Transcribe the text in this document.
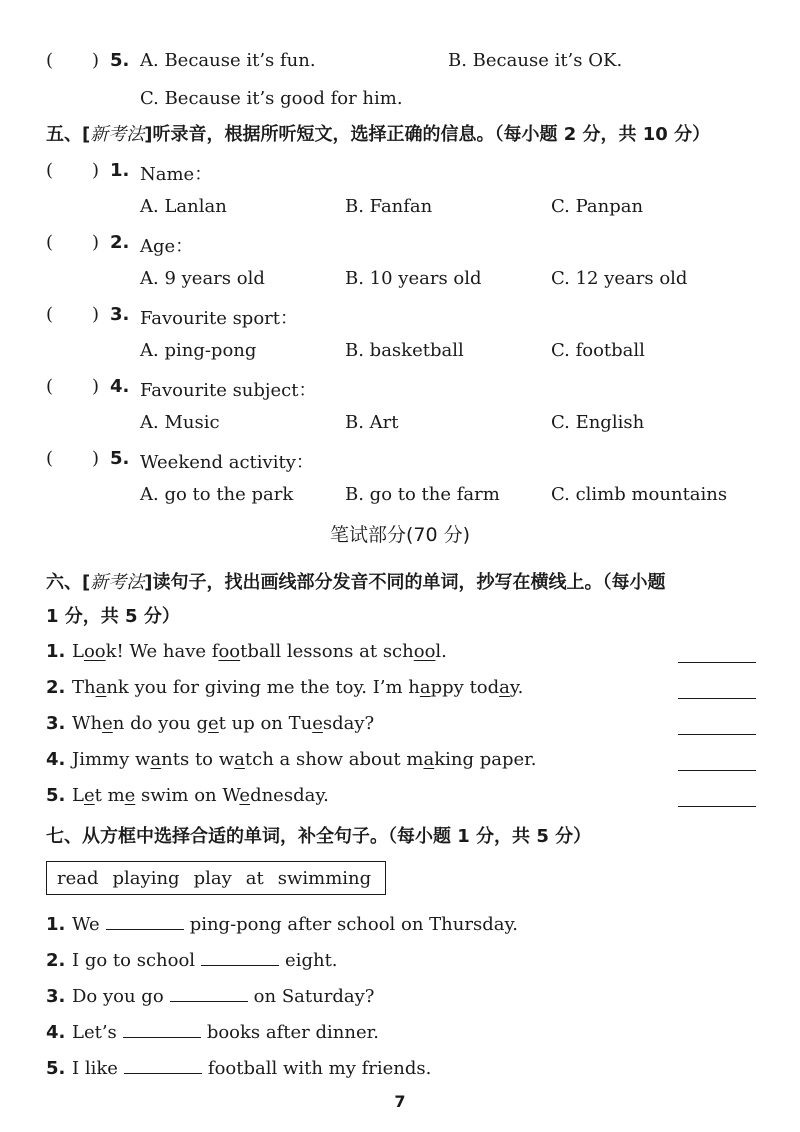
( ) 5. A. Because it’s fun.	B. Because it’s OK.
C. Because it’s good for him.
五、[新考法]听录音，根据所听短文，选择正确的信息。（每小题 2 分，共 10 分）
( ) 1. Name：
A. Lanlan	B. Fanfan	C. Panpan
( ) 2. Age：
A. 9 years old	B. 10 years old	C. 12 years old
( ) 3. Favourite sport：
A. ping-pong	B. basketball	C. football
( ) 4. Favourite subject：
A. Music	B. Art	C. English
( ) 5. Weekend activity：
A. go to the park	B. go to the farm	C. climb mountains
笔试部分(70 分)
六、[新考法]读句子，找出画线部分发音不同的单词，抄写在横线上。（每小题
1 分，共 5 分）
1. Look! We have football lessons at school.
2. Thank you for giving me the toy. I’m happy today.
3. When do you get up on Tuesday?
4. Jimmy wants to watch a show about making paper.
5. Let me swim on Wednesday.
七、从方框中选择合适的单词，补全句子。（每小题 1 分，共 5 分）
read playing play at swimming
1. We	ping-pong after school on Thursday.
2. I go to school	eight.
3. Do you go	on Saturday?
4. Let’s	books after dinner.
5. I like	football with my friends.
7
